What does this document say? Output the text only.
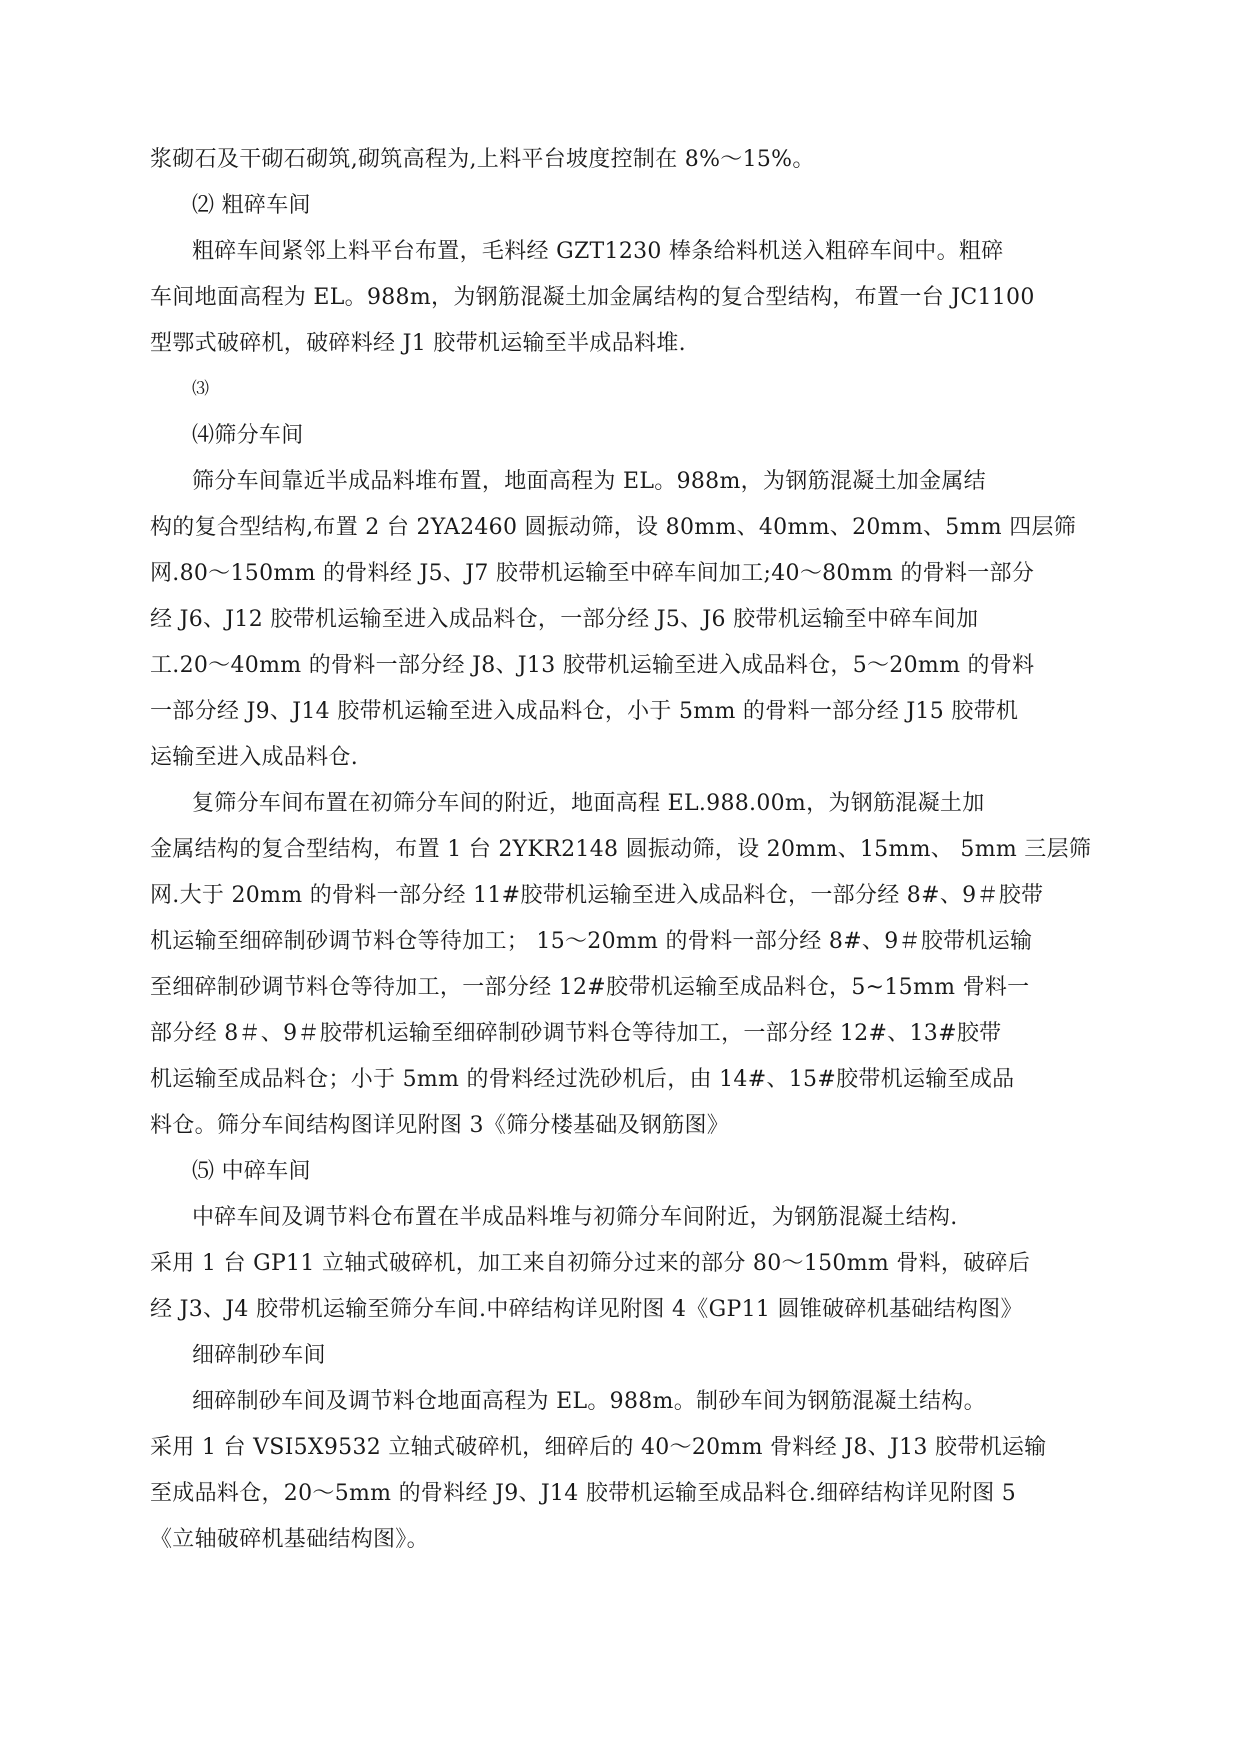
浆砌石及干砌石砌筑,砌筑高程为,上料平台坡度控制在 8%～15%。
⑵ 粗碎车间
粗碎车间紧邻上料平台布置，毛料经 GZT1230 棒条给料机送入粗碎车间中。粗碎
车间地面高程为 EL。988m，为钢筋混凝土加金属结构的复合型结构，布置一台 JC1100
型鄂式破碎机，破碎料经 J1 胶带机运输至半成品料堆.
⑶
⑷筛分车间
筛分车间靠近半成品料堆布置，地面高程为 EL。988m，为钢筋混凝土加金属结
构的复合型结构,布置 2 台 2YA2460 圆振动筛，设 80mm、40mm、20mm、5mm 四层筛
网.80～150mm 的骨料经 J5、J7 胶带机运输至中碎车间加工;40～80mm 的骨料一部分
经 J6、J12 胶带机运输至进入成品料仓，一部分经 J5、J6 胶带机运输至中碎车间加
工.20～40mm 的骨料一部分经 J8、J13 胶带机运输至进入成品料仓，5～20mm 的骨料
一部分经 J9、J14 胶带机运输至进入成品料仓，小于 5mm 的骨料一部分经 J15 胶带机
运输至进入成品料仓.
复筛分车间布置在初筛分车间的附近，地面高程 EL.988.00m，为钢筋混凝土加
金属结构的复合型结构，布置 1 台 2YKR2148 圆振动筛，设 20mm、15mm、 5mm 三层筛
网.大于 20mm 的骨料一部分经 11#胶带机运输至进入成品料仓，一部分经 8#、9＃胶带
机运输至细碎制砂调节料仓等待加工； 15～20mm 的骨料一部分经 8#、9＃胶带机运输
至细碎制砂调节料仓等待加工，一部分经 12#胶带机运输至成品料仓，5~15mm 骨料一
部分经 8＃、9＃胶带机运输至细碎制砂调节料仓等待加工，一部分经 12#、13#胶带
机运输至成品料仓；小于 5mm 的骨料经过洗砂机后，由 14#、15#胶带机运输至成品
料仓。筛分车间结构图详见附图 3《筛分楼基础及钢筋图》
⑸ 中碎车间
中碎车间及调节料仓布置在半成品料堆与初筛分车间附近，为钢筋混凝土结构.
采用 1 台 GP11 立轴式破碎机，加工来自初筛分过来的部分 80～150mm 骨料，破碎后
经 J3、J4 胶带机运输至筛分车间.中碎结构详见附图 4《GP11 圆锥破碎机基础结构图》
细碎制砂车间
细碎制砂车间及调节料仓地面高程为 EL。988m。制砂车间为钢筋混凝土结构。
采用 1 台 VSI5X9532 立轴式破碎机，细碎后的 40～20mm 骨料经 J8、J13 胶带机运输
至成品料仓，20～5mm 的骨料经 J9、J14 胶带机运输至成品料仓.细碎结构详见附图 5
《立轴破碎机基础结构图》。
